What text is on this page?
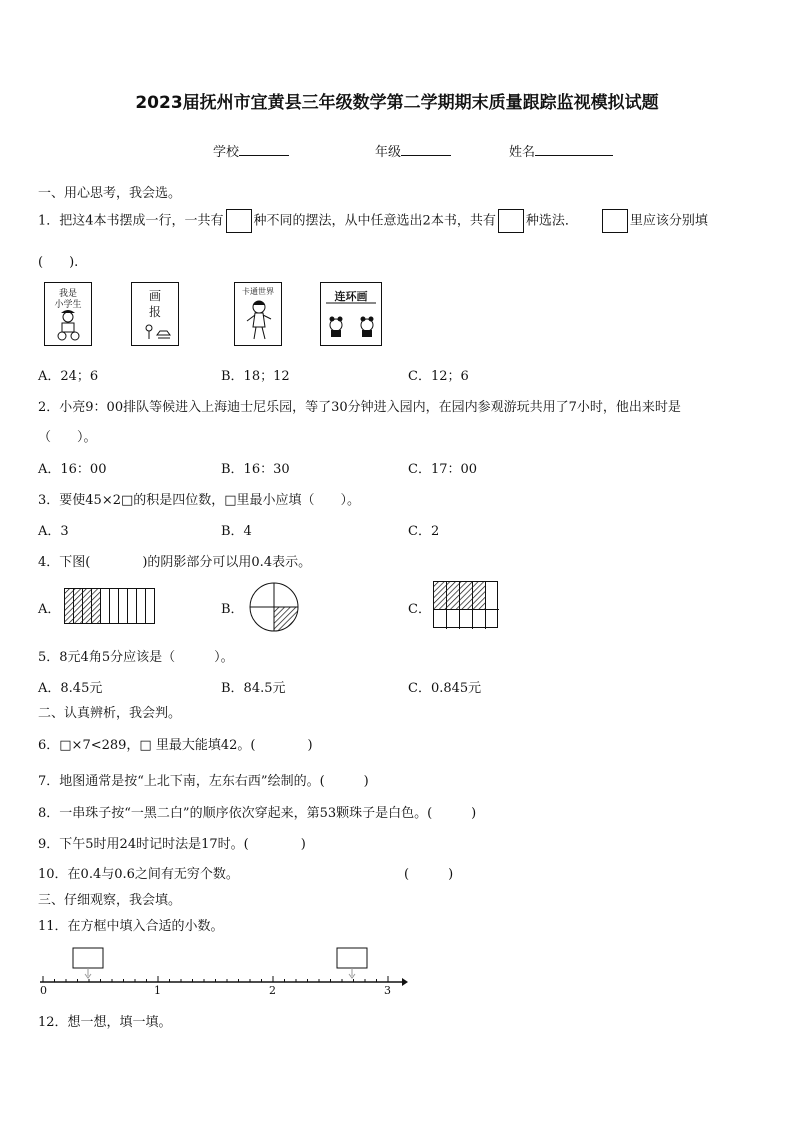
2023届抚州市宜黄县三年级数学第二学期期末质量跟踪监视模拟试题
学校	年级	姓名
一、用心思考，我会选。
1．把这4本书摆成一行，一共有 种不同的摆法，从中任意选出2本书，共有 种选法．	里应该分别填
(　　).
我是
小学生
画
报
卡通世界	连环画
A．24；6	B．18；12	C．12；6
2．小亮9：00排队等候进入上海迪士尼乐园，等了30分钟进入园内，在园内参观游玩共用了7小时，他出来时是
（　　）。
A．16：00	B．16：30	C．17：00
3．要使45×2□的积是四位数，□里最小应填（　　）。
A．3	B．4	C．2
4．下图(　　　　)的阴影部分可以用0.4表示。
A．	B．	C．
5．8元4角5分应该是（　　　）。
A．8.45元	B．84.5元	C．0.845元
二、认真辨析，我会判。
6．□×7<289，□ 里最大能填42。(　　　　)
7．地图通常是按“上北下南，左东右西”绘制的。(　　　)
8．一串珠子按“一黑二白”的顺序依次穿起来，第53颗珠子是白色。(　　　)
9．下午5时用24时记时法是17时。(　　　　)
10．在0.4与0.6之间有无穷个数。	(　　　)
三、仔细观察，我会填。
11．在方框中填入合适的小数。
0	1	2	3
12．想一想，填一填。
